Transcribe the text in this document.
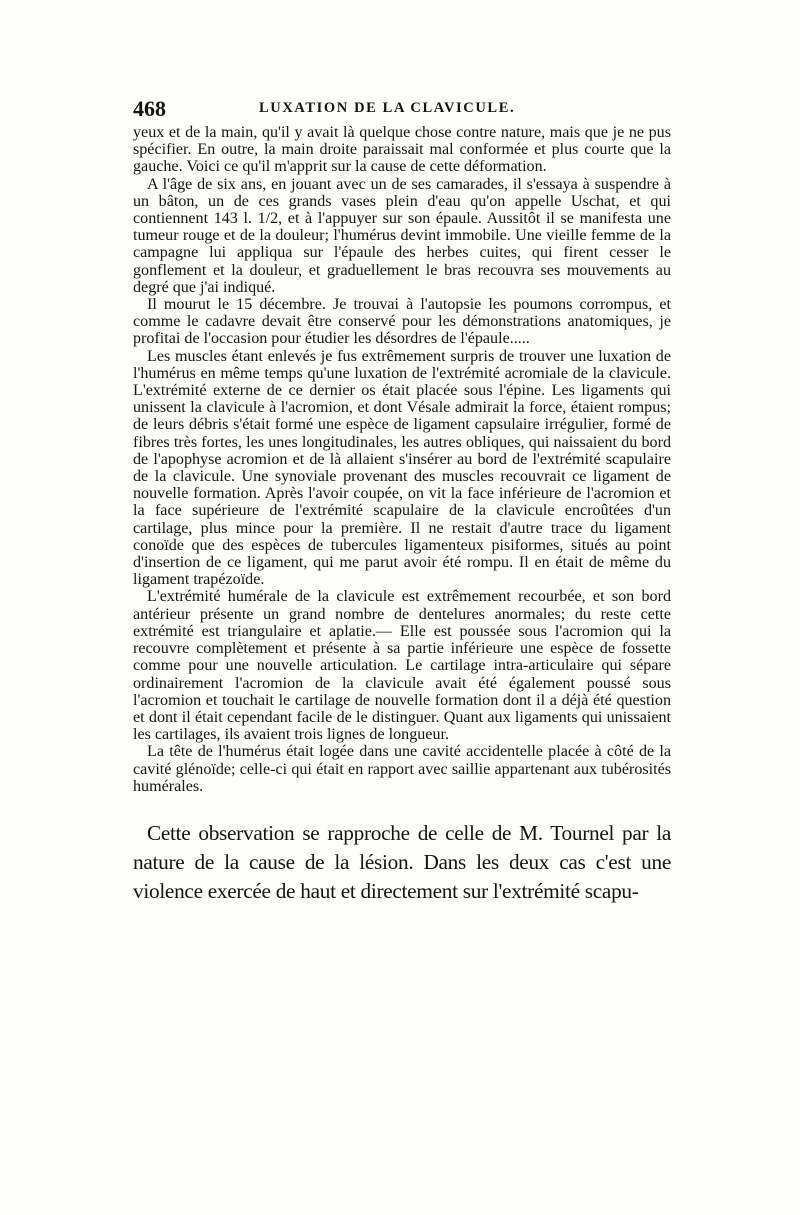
468	LUXATION DE LA CLAVICULE.

yeux et de la main, qu'il y avait là quelque chose contre nature, mais que je ne pus spécifier. En outre, la main droite paraissait mal conformée et plus courte que la gauche. Voici ce qu'il m'apprit sur la cause de cette déformation.

A l'âge de six ans, en jouant avec un de ses camarades, il s'essaya à suspendre à un bâton, un de ces grands vases plein d'eau qu'on appelle Uschat, et qui contiennent 143 l. 1/2, et à l'appuyer sur son épaule. Aussitôt il se manifesta une tumeur rouge et de la douleur; l'humérus devint immobile. Une vieille femme de la campagne lui appliqua sur l'épaule des herbes cuites, qui firent cesser le gonflement et la douleur, et graduellement le bras recouvra ses mouvements au degré que j'ai indiqué.

Il mourut le 15 décembre. Je trouvai à l'autopsie les poumons corrompus, et comme le cadavre devait être conservé pour les démonstrations anatomiques, je profitai de l'occasion pour étudier les désordres de l'épaule.....

Les muscles étant enlevés je fus extrêmement surpris de trouver une luxation de l'humérus en même temps qu'une luxation de l'extrémité acromiale de la clavicule. L'extrémité externe de ce dernier os était placée sous l'épine. Les ligaments qui unissent la clavicule à l'acromion, et dont Vésale admirait la force, étaient rompus; de leurs débris s'était formé une espèce de ligament capsulaire irrégulier, formé de fibres très fortes, les unes longitudinales, les autres obliques, qui naissaient du bord de l'apophyse acromion et de là allaient s'insérer au bord de l'extrémité scapulaire de la clavicule. Une synoviale provenant des muscles recouvrait ce ligament de nouvelle formation. Après l'avoir coupée, on vit la face inférieure de l'acromion et la face supérieure de l'extrémité scapulaire de la clavicule encroûtées d'un cartilage, plus mince pour la première. Il ne restait d'autre trace du ligament conoïde que des espèces de tubercules ligamenteux pisiformes, situés au point d'insertion de ce ligament, qui me parut avoir été rompu. Il en était de même du ligament trapézoïde.

L'extrémité humérale de la clavicule est extrêmement recourbée, et son bord antérieur présente un grand nombre de dentelures anormales; du reste cette extrémité est triangulaire et aplatie.— Elle est poussée sous l'acromion qui la recouvre complètement et présente à sa partie inférieure une espèce de fossette comme pour une nouvelle articulation. Le cartilage intra-articulaire qui sépare ordinairement l'acromion de la clavicule avait été également poussé sous l'acromion et touchait le cartilage de nouvelle formation dont il a déjà été question et dont il était cependant facile de le distinguer. Quant aux ligaments qui unissaient les cartilages, ils avaient trois lignes de longueur.

La tête de l'humérus était logée dans une cavité accidentelle placée à côté de la cavité glénoïde; celle-ci qui était en rapport avec saillie appartenant aux tubérosités humérales.

Cette observation se rapproche de celle de M. Tournel par la nature de la cause de la lésion. Dans les deux cas c'est une violence exercée de haut et directement sur l'extrémité scapu-
